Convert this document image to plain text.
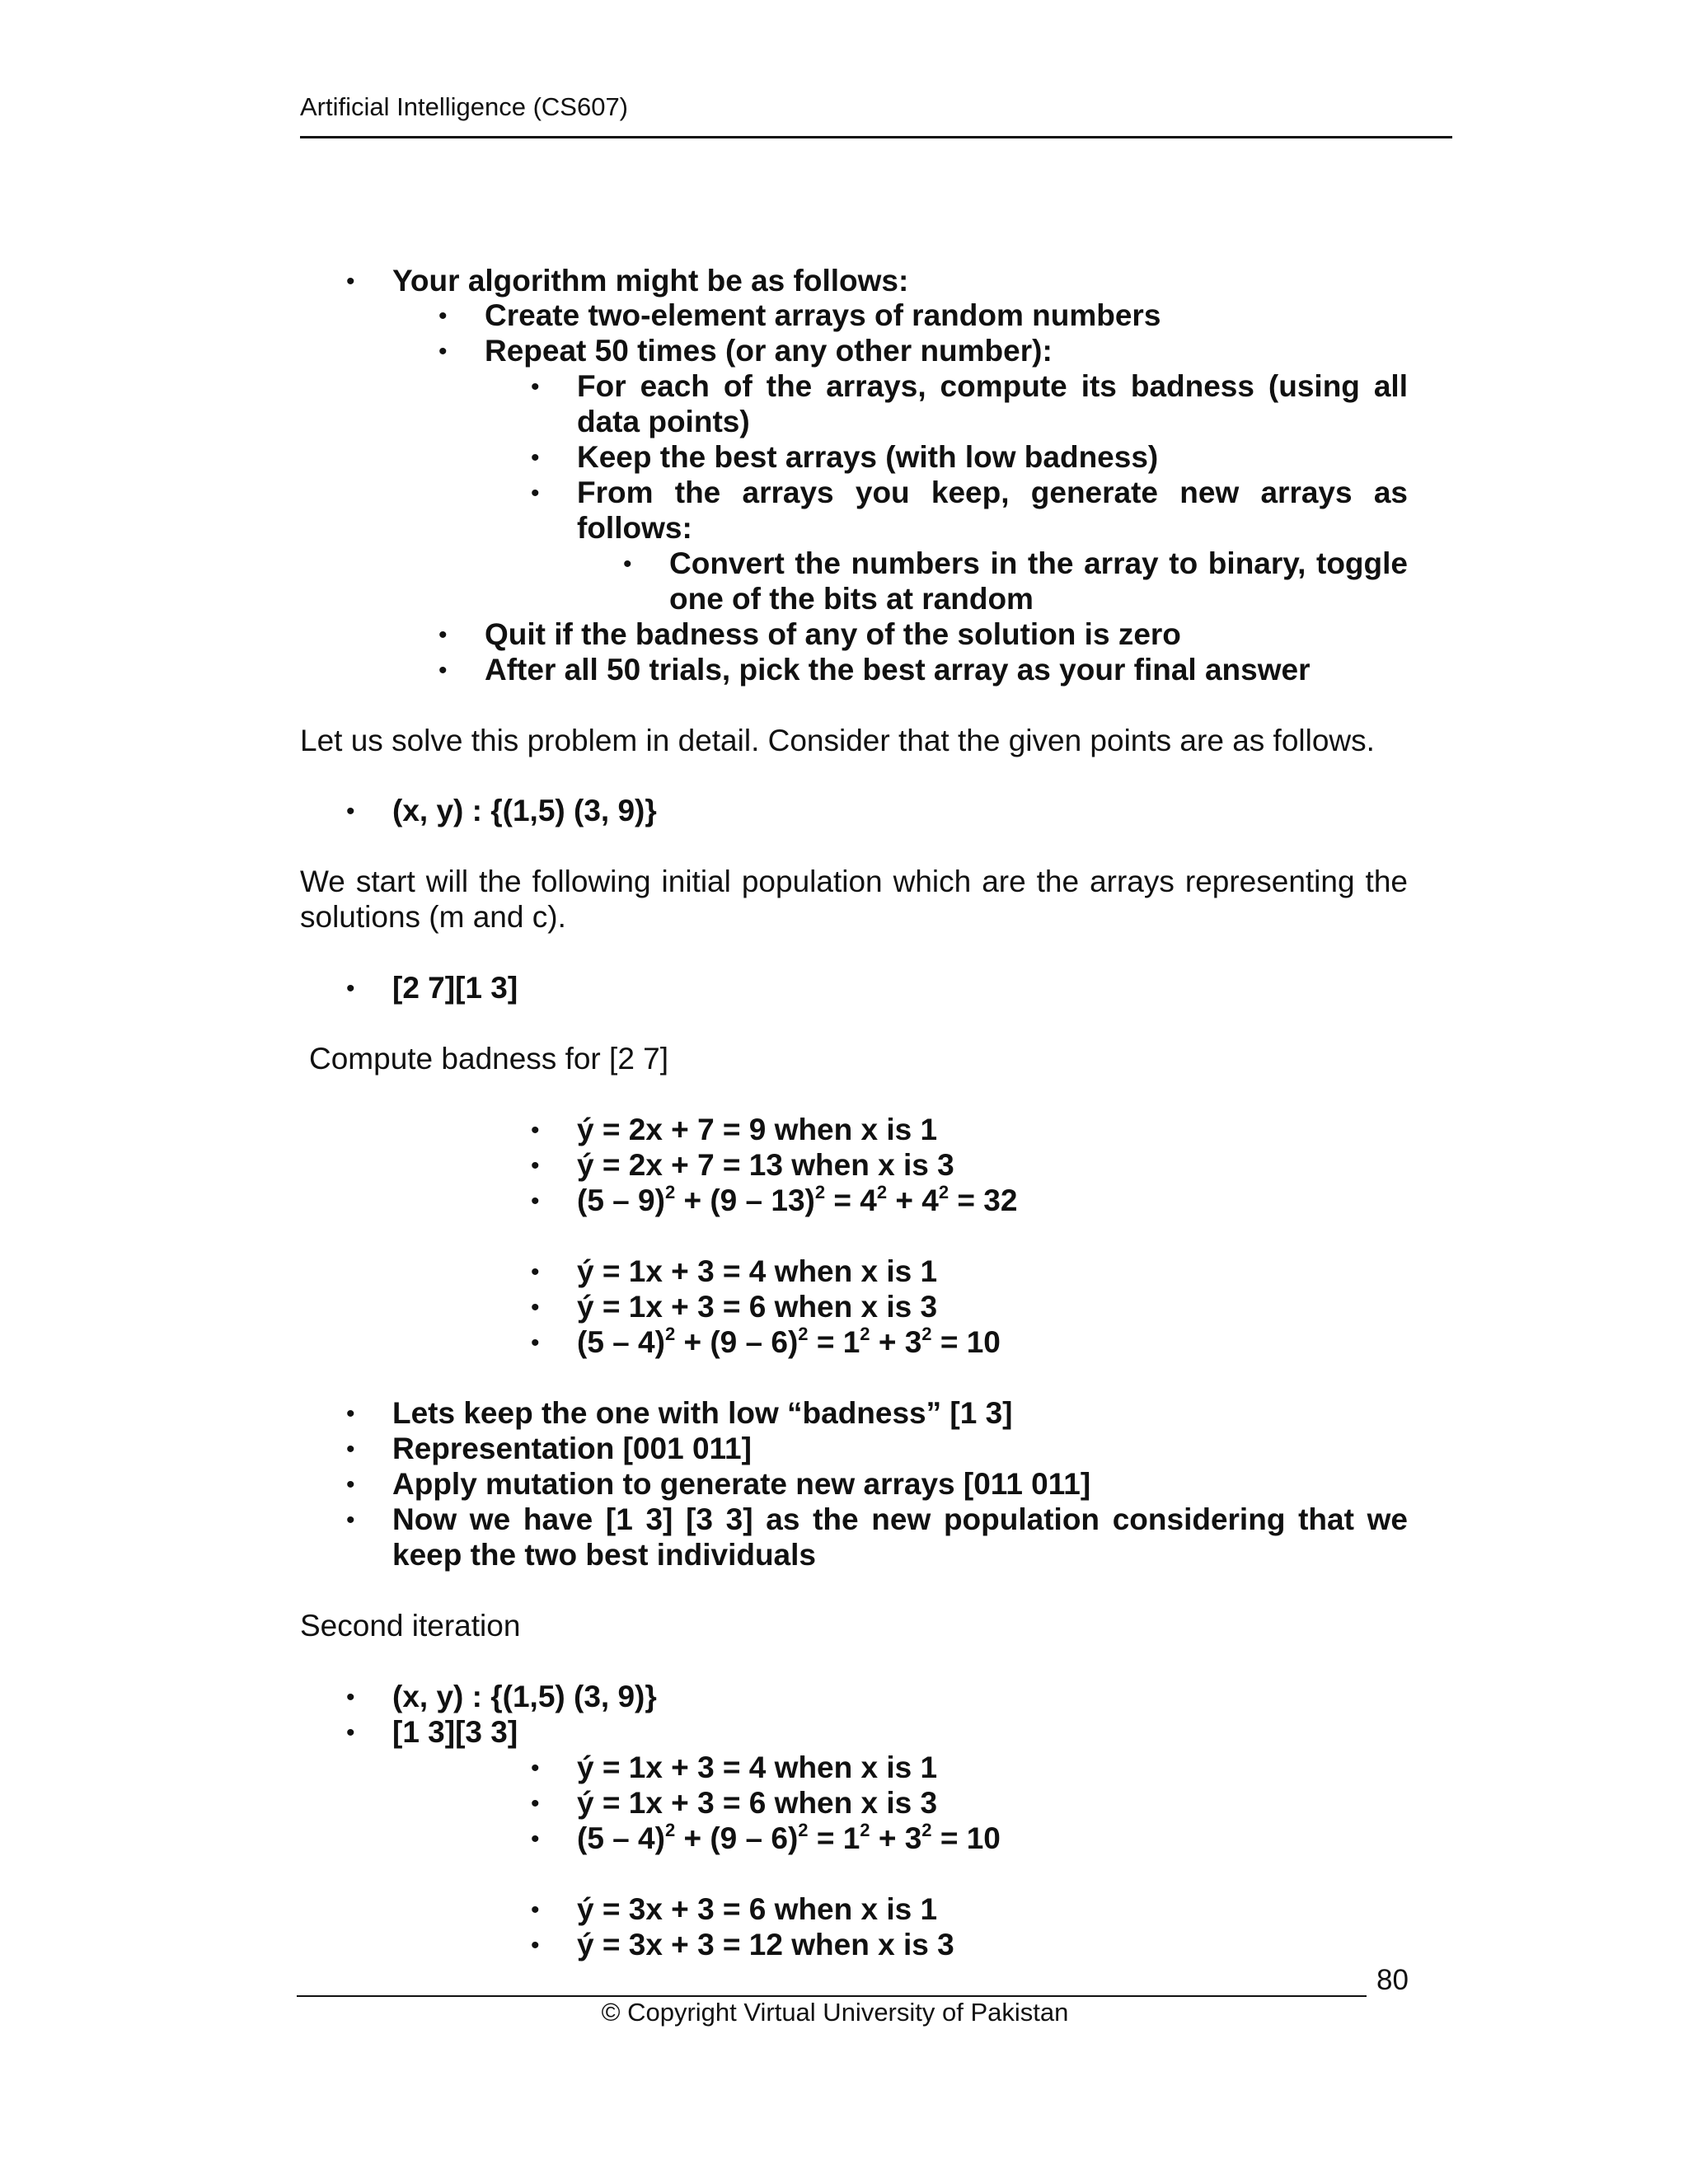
Artificial Intelligence (CS607)
• Your algorithm might be as follows:
• Create two-element arrays of random numbers
• Repeat 50 times (or any other number):
• For each of the arrays, compute its badness (using all
data points)
• Keep the best arrays (with low badness)
• From the arrays you keep, generate new arrays as
follows:
• Convert the numbers in the array to binary, toggle
one of the bits at random
• Quit if the badness of any of the solution is zero
• After all 50 trials, pick the best array as your final answer
Let us solve this problem in detail. Consider that the given points are as follows.
• (x, y) : {(1,5) (3, 9)}
We start will the following initial population which are the arrays representing the
solutions (m and c).
• [2 7][1 3]
Compute badness for [2 7]
• ý = 2x + 7 = 9 when x is 1
• ý = 2x + 7 = 13 when x is 3
• $(5 - 9)^2 + (9 - 13)^2 = 4^2 + 4^2 = 32$
• ý = 1x + 3 = 4 when x is 1
• ý = 1x + 3 = 6 when x is 3
• $(5 - 4)^2 + (9 - 6)^2 = 1^2 + 3^2 = 10$
• Lets keep the one with low “badness” [1 3]
• Representation [001 011]
• Apply mutation to generate new arrays [011 011]
• Now we have [1 3] [3 3] as the new population considering that we
keep the two best individuals
Second iteration
• (x, y) : {(1,5) (3, 9)}
• [1 3][3 3]
• ý = 1x + 3 = 4 when x is 1
• ý = 1x + 3 = 6 when x is 3
• $(5 - 4)^2 + (9 - 6)^2 = 1^2 + 3^2 = 10$
• ý = 3x + 3 = 6 when x is 1
• ý = 3x + 3 = 12 when x is 3
80
© Copyright Virtual University of Pakistan
